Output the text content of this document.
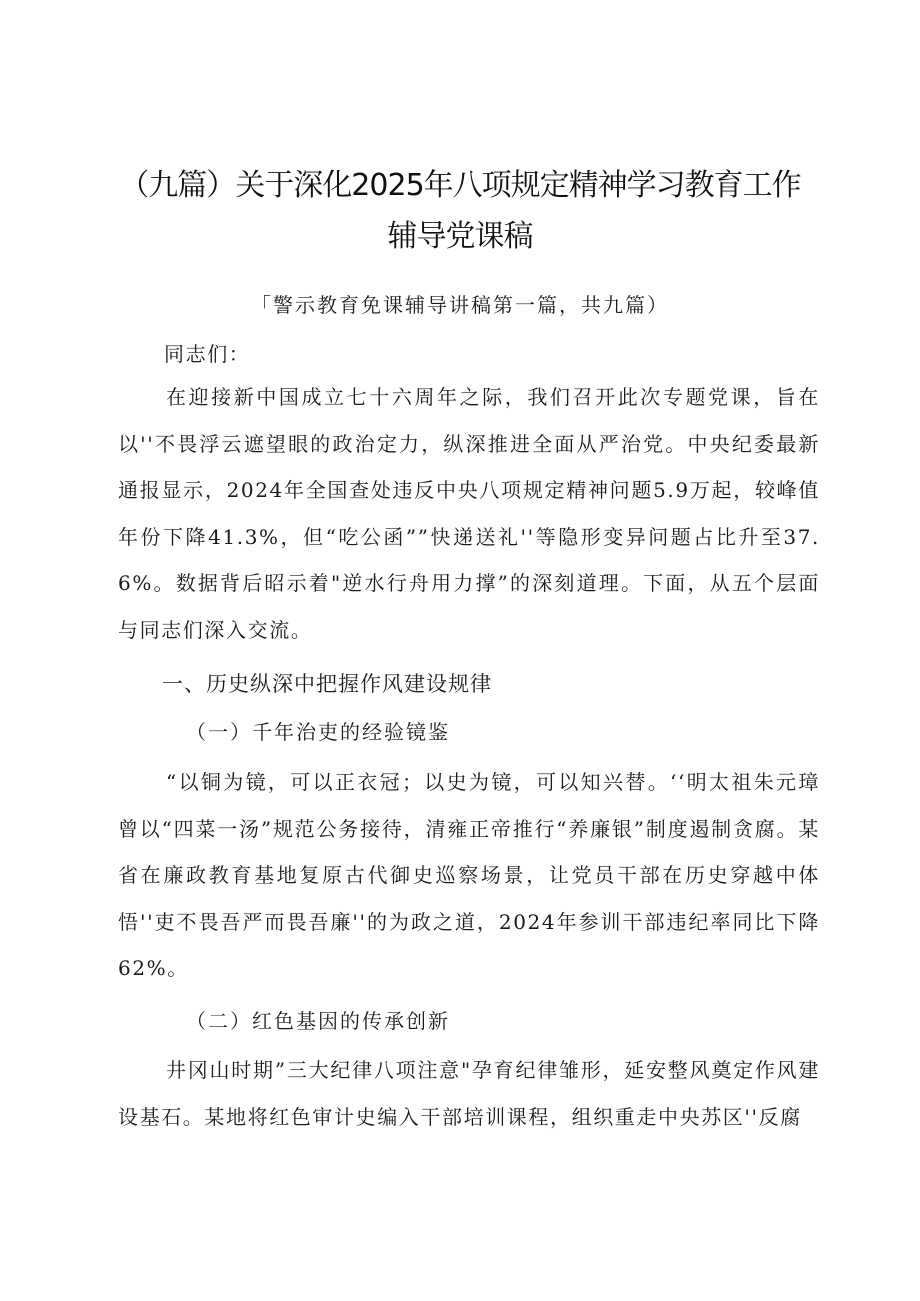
（九篇）关于深化2025年八项规定精神学习教育工作
辅导党课稿
「警示教育免课辅导讲稿第一篇，共九篇）
同志们：
在迎接新中国成立七十六周年之际，我们召开此次专题党课，旨在以''不畏浮云遮望眼的政治定力，纵深推进全面从严治党。中央纪委最新通报显示，2024年全国查处违反中央八项规定精神问题5.9万起，较峰值年份下降41.3%，但“吃公函””快递送礼''等隐形变异问题占比升至37.6%。数据背后昭示着"逆水行舟用力撑”的深刻道理。下面，从五个层面与同志们深入交流。
一、历史纵深中把握作风建设规律
（一）千年治吏的经验镜鉴
“以铜为镜，可以正衣冠；以史为镜，可以知兴替。‘‘明太祖朱元璋曾以“四菜一汤”规范公务接待，清雍正帝推行“养廉银”制度遏制贪腐。某省在廉政教育基地复原古代御史巡察场景，让党员干部在历史穿越中体悟''吏不畏吾严而畏吾廉''的为政之道，2024年参训干部违纪率同比下降62%。
（二）红色基因的传承创新
井冈山时期”三大纪律八项注意"孕育纪律雏形，延安整风奠定作风建设基石。某地将红色审计史编入干部培训课程，组织重走中央苏区''反腐
